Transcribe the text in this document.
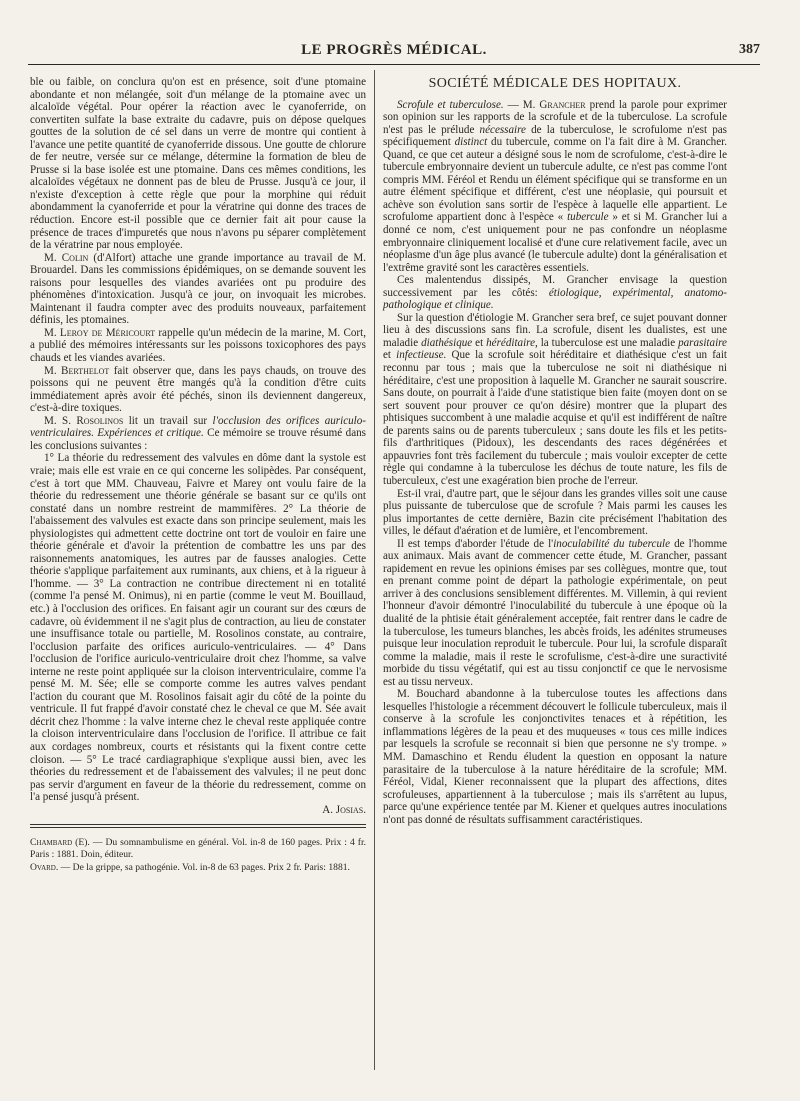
LE PROGRÈS MÉDICAL.	387

ble ou faible, on conclura qu'on est en présence, soit d'une ptomaine abondante et non mélangée, soit d'un mélange de la ptomaine avec un alcaloïde végétal. Pour opérer la réaction avec le cyanoferride, on convertiten sulfate la base extraite du cadavre, puis on dépose quelques gouttes de la solution de cé sel dans un verre de montre qui contient à l'avance une petite quantité de cyanoferride dissous. Une goutte de chlorure de fer neutre, versée sur ce mélange, détermine la formation de bleu de Prusse si la base isolée est une ptomaine. Dans ces mêmes conditions, les alcaloïdes végétaux ne donnent pas de bleu de Prusse. Jusqu'à ce jour, il n'existe d'exception à cette règle que pour la morphine qui réduit abondamment la cyanoferride et pour la vératrine qui donne des traces de réduction. Encore est-il possible que ce dernier fait ait pour cause la présence de traces d'impuretés que nous n'avons pu séparer complètement de la vératrine par nous employée.

M. Colin (d'Alfort) attache une grande importance au travail de M. Brouardel. Dans les commissions épidémiques, on se demande souvent les raisons pour lesquelles des viandes avariées ont pu produire des phénomènes d'intoxication. Jusqu'à ce jour, on invoquait les microbes. Maintenant il faudra compter avec des produits nouveaux, parfaitement définis, les ptomaines.

M. Leroy de Méricourt rappelle qu'un médecin de la marine, M. Cort, a publié des mémoires intéressants sur les poissons toxicophores des pays chauds et les viandes avariées.

M. Berthelot fait observer que, dans les pays chauds, on trouve des poissons qui ne peuvent être mangés qu'à la condition d'être cuits immédiatement après avoir été péchés, sinon ils deviennent dangereux, c'est-à-dire toxiques.

M. S. Rosolinos lit un travail sur l'occlusion des orifices auriculo-ventriculaires. Expériences et critique. Ce mémoire se trouve résumé dans les conclusions suivantes :

1° La théorie du redressement des valvules en dôme dant la systole est vraie; mais elle est vraie en ce qui concerne les solipèdes. Par conséquent, c'est à tort que MM. Chauveau, Faivre et Marey ont voulu faire de la théorie du redressement une théorie générale se basant sur ce qu'ils ont constaté dans un nombre restreint de mammifères. 2° La théorie de l'abaissement des valvules est exacte dans son principe seulement, mais les physiologistes qui admettent cette doctrine ont tort de vouloir en faire une théorie générale et d'avoir la prétention de combattre les uns par des raisonnements anatomiques, les autres par de fausses analogies. Cette théorie s'applique parfaitement aux ruminants, aux chiens, et à la rigueur à l'homme. — 3° La contraction ne contribue directement ni en totalité (comme l'a pensé M. Onimus), ni en partie (comme le veut M. Bouillaud, etc.) à l'occlusion des orifices. En faisant agir un courant sur des cœurs de cadavre, où évidemment il ne s'agit plus de contraction, au lieu de constater une insuffisance totale ou partielle, M. Rosolinos constate, au contraire, l'occlusion parfaite des orifices auriculo-ventriculaires. — 4° Dans l'occlusion de l'orifice auriculo-ventriculaire droit chez l'homme, sa valve interne ne reste point appliquée sur la cloison interventriculaire, comme l'a pensé M. M. Sée; elle se comporte comme les autres valves pendant l'action du courant que M. Rosolinos faisait agir du côté de la pointe du ventricule. Il fut frappé d'avoir constaté chez le cheval ce que M. Sée avait décrit chez l'homme : la valve interne chez le cheval reste appliquée contre la cloison interventriculaire dans l'occlusion de l'orifice. Il attribue ce fait aux cordages nombreux, courts et résistants qui la fixent contre cette cloison. — 5° Le tracé cardiagraphique s'explique aussi bien, avec les théories du redressement et de l'abaissement des valvules; il ne peut donc pas servir d'argument en faveur de la théorie du redressement, comme on l'a pensé jusqu'à présent.

A. Josias.

Chambard (E). — Du somnambulisme en général. Vol. in-8 de 160 pages. Prix : 4 fr. Paris : 1881. Doin, éditeur.

Ovard. — De la grippe, sa pathogénie. Vol. in-8 de 63 pages. Prix 2 fr. Paris: 1881.

SOCIÉTÉ MÉDICALE DES HOPITAUX.

Scrofule et tuberculose. — M. Grancher prend la parole pour exprimer son opinion sur les rapports de la scrofule et de la tuberculose. La scrofule n'est pas le prélude nécessaire de la tuberculose, le scrofulome n'est pas spécifiquement distinct du tubercule, comme on l'a fait dire à M. Grancher. Quand, ce que cet auteur a désigné sous le nom de scrofulome, c'est-à-dire le tubercule embryonnaire devient un tubercule adulte, ce n'est pas comme l'ont compris MM. Féréol et Rendu un élément spécifique qui se transforme en un autre élément spécifique et différent, c'est une néoplasie, qui poursuit et achève son évolution sans sortir de l'espèce à laquelle elle appartient. Le scrofulome appartient donc à l'espèce « tubercule » et si M. Grancher lui a donné ce nom, c'est uniquement pour ne pas confondre un néoplasme embryonnaire cliniquement localisé et d'une cure relativement facile, avec un néoplasme d'un âge plus avancé (le tubercule adulte) dont la généralisation et l'extrême gravité sont les caractères essentiels.

Ces malentendus dissipés, M. Grancher envisage la question successivement par les côtés: étiologique, expérimental, anatomo-pathologique et clinique.

Sur la question d'étiologie M. Grancher sera bref, ce sujet pouvant donner lieu à des discussions sans fin. La scrofule, disent les dualistes, est une maladie diathésique et héréditaire, la tuberculose est une maladie parasitaire et infectieuse. Que la scrofule soit héréditaire et diathésique c'est un fait reconnu par tous ; mais que la tuberculose ne soit ni diathésique ni héréditaire, c'est une proposition à laquelle M. Grancher ne saurait souscrire. Sans doute, on pourrait à l'aide d'une statistique bien faite (moyen dont on se sert souvent pour prouver ce qu'on désire) montrer que la plupart des phtisiques succombent à une maladie acquise et qu'il est indifférent de naître de parents sains ou de parents tuberculeux ; sans doute les fils et les petits-fils d'arthritiques (Pidoux), les descendants des races dégénérées et appauvries font très facilement du tubercule ; mais vouloir excepter de cette règle qui condamne à la tuberculose les déchus de toute nature, les fils de tuberculeux, c'est une exagération bien proche de l'erreur.

Est-il vrai, d'autre part, que le séjour dans les grandes villes soit une cause plus puissante de tuberculose que de scrofule ? Mais parmi les causes les plus importantes de cette dernière, Bazin cite précisément l'habitation des villes, le défaut d'aération et de lumière, et l'encombrement.

Il est temps d'aborder l'étude de l'inoculabilité du tubercule de l'homme aux animaux. Mais avant de commencer cette étude, M. Grancher, passant rapidement en revue les opinions émises par ses collègues, montre que, tout en prenant comme point de départ la pathologie expérimentale, on peut arriver à des conclusions sensiblement différentes. M. Villemin, à qui revient l'honneur d'avoir démontré l'inoculabilité du tubercule à une époque où la dualité de la phtisie était généralement acceptée, fait rentrer dans le cadre de la tuberculose, les tumeurs blanches, les abcès froids, les adénites strumeuses puisque leur inoculation reproduit le tubercule. Pour lui, la scrofule disparaît comme la maladie, mais il reste le scrofulisme, c'est-à-dire une suractivité morbide du tissu végétatif, qui est au tissu conjonctif ce que le nervosisme est au tissu nerveux.

M. Bouchard abandonne à la tuberculose toutes les affections dans lesquelles l'histologie a récemment découvert le follicule tuberculeux, mais il conserve à la scrofule les conjonctivites tenaces et à répétition, les inflammations légères de la peau et des muqueuses « tous ces mille indices par lesquels la scrofule se reconnait si bien que personne ne s'y trompe. » MM. Damaschino et Rendu éludent la question en opposant la nature parasitaire de la tuberculose à la nature héréditaire de la scrofule; MM. Féréol, Vidal, Kiener reconnaissent que la plupart des affections, dites scrofuleuses, appartiennent à la tuberculose ; mais ils s'arrêtent au lupus, parce qu'une expérience tentée par M. Kiener et quelques autres inoculations n'ont pas donné de résultats suffisamment caractéristiques.
